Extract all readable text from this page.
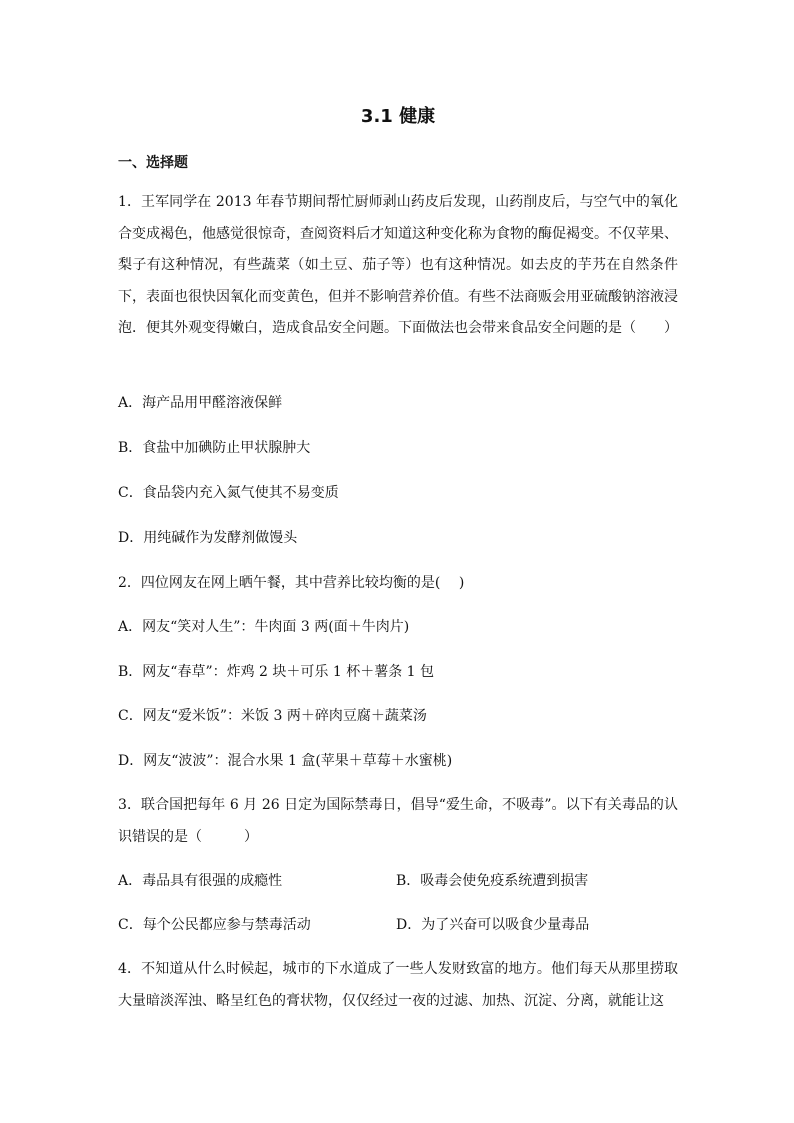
3.1 健康
一、选择题
1．王军同学在 2013 年春节期间帮忙厨师剥山药皮后发现，山药削皮后，与空气中的氧化合变成褐色，他感觉很惊奇，查阅资料后才知道这种变化称为食物的酶促褐变。不仅苹果、梨子有这种情况，有些蔬菜（如土豆、茄子等）也有这种情况。如去皮的芋艿在自然条件下，表面也很快因氧化而变黄色，但并不影响营养价值。有些不法商贩会用亚硫酸钠溶液浸泡．便其外观变得嫩白，造成食品安全问题。下面做法也会带来食品安全问题的是（　　）
A．海产品用甲醛溶液保鲜
B．食盐中加碘防止甲状腺肿大
C．食品袋内充入氮气使其不易变质
D．用纯碱作为发酵剂做馒头
2．四位网友在网上晒午餐，其中营养比较均衡的是(　 )
A．网友“笑对人生”：牛肉面 3 两(面＋牛肉片)
B．网友“春草”：炸鸡 2 块＋可乐 1 杯＋薯条 1 包
C．网友“爱米饭”：米饭 3 两＋碎肉豆腐＋蔬菜汤
D．网友“波波”：混合水果 1 盒(苹果＋草莓＋水蜜桃)
3．联合国把每年 6 月 26 日定为国际禁毒日，倡导“爱生命，不吸毒”。以下有关毒品的认识错误的是（　　　）
A．毒品具有很强的成瘾性	B．吸毒会使免疫系统遭到损害
C．每个公民都应参与禁毒活动	D．为了兴奋可以吸食少量毒品
4．不知道从什么时候起，城市的下水道成了一些人发财致富的地方。他们每天从那里捞取大量暗淡浑浊、略呈红色的膏状物，仅仅经过一夜的过滤、加热、沉淀、分离，就能让这
